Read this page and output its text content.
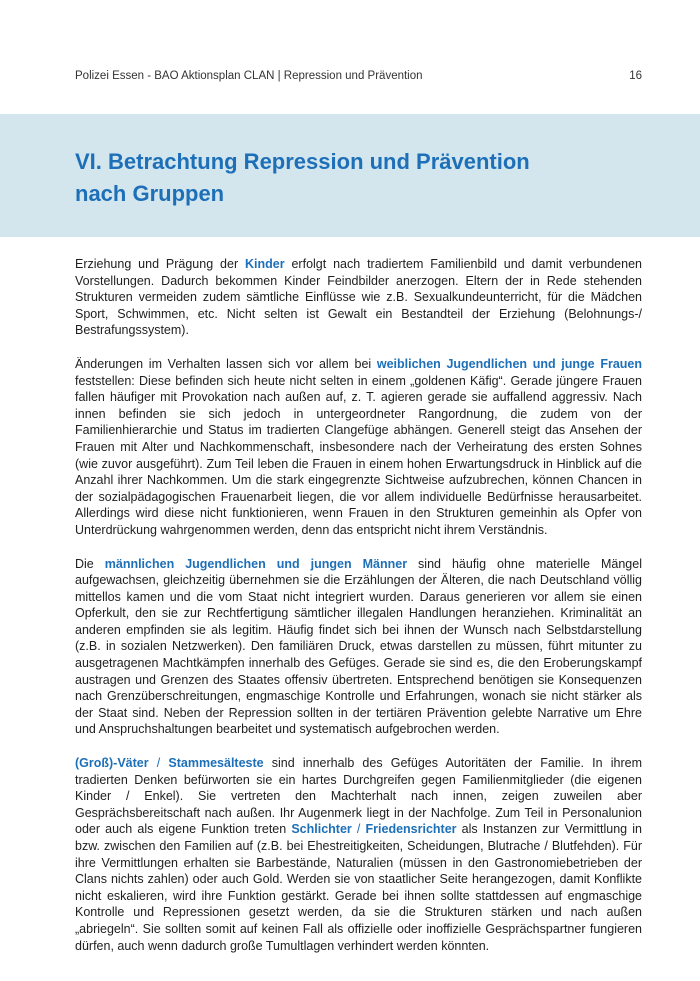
Polizei Essen - BAO Aktionsplan CLAN | Repression und Prävention	16
VI. Betrachtung Repression und Prävention
nach Gruppen

Erziehung und Prägung der Kinder erfolgt nach tradiertem Familienbild und damit verbundenen Vorstellungen. Dadurch bekommen Kinder Feindbilder anerzogen. Eltern der in Rede stehenden Strukturen vermeiden zudem sämtliche Einflüsse wie z.B. Sexualkundeunterricht, für die Mädchen Sport, Schwimmen, etc. Nicht selten ist Gewalt ein Bestandteil der Erziehung (Belohnungs-/ Bestrafungssystem).

Änderungen im Verhalten lassen sich vor allem bei weiblichen Jugendlichen und junge Frauen feststellen: Diese befinden sich heute nicht selten in einem „goldenen Käfig“. Gerade jüngere Frauen fallen häufiger mit Provokation nach außen auf, z. T. agieren gerade sie auffallend aggressiv. Nach innen befinden sie sich jedoch in untergeordneter Rangordnung, die zudem von der Familienhierarchie und Status im tradierten Clangefüge abhängen. Generell steigt das Ansehen der Frauen mit Alter und Nachkommenschaft, insbesondere nach der Verheiratung des ersten Sohnes (wie zuvor ausgeführt). Zum Teil leben die Frauen in einem hohen Erwartungsdruck in Hinblick auf die Anzahl ihrer Nachkommen. Um die stark eingegrenzte Sichtweise aufzubrechen, können Chancen in der sozialpädagogischen Frauenarbeit liegen, die vor allem individuelle Bedürfnisse herausarbeitet. Allerdings wird diese nicht funktionieren, wenn Frauen in den Strukturen gemeinhin als Opfer von Unterdrückung wahrgenommen werden, denn das entspricht nicht ihrem Verständnis.

Die männlichen Jugendlichen und jungen Männer sind häufig ohne materielle Mängel aufgewachsen, gleichzeitig übernehmen sie die Erzählungen der Älteren, die nach Deutschland völlig mittellos kamen und die vom Staat nicht integriert wurden. Daraus generieren vor allem sie einen Opferkult, den sie zur Rechtfertigung sämtlicher illegalen Handlungen heranziehen. Kriminalität an anderen empfinden sie als legitim. Häufig findet sich bei ihnen der Wunsch nach Selbstdarstellung (z.B. in sozialen Netzwerken). Den familiären Druck, etwas darstellen zu müssen, führt mitunter zu ausgetragenen Machtkämpfen innerhalb des Gefüges. Gerade sie sind es, die den Eroberungskampf austragen und Grenzen des Staates offensiv übertreten. Entsprechend benötigen sie Konsequenzen nach Grenzüberschreitungen, engmaschige Kontrolle und Erfahrungen, wonach sie nicht stärker als der Staat sind. Neben der Repression sollten in der tertiären Prävention gelebte Narrative um Ehre und Anspruchshaltungen bearbeitet und systematisch aufgebrochen werden.

(Groß)-Väter / Stammesälteste sind innerhalb des Gefüges Autoritäten der Familie. In ihrem tradierten Denken befürworten sie ein hartes Durchgreifen gegen Familienmitglieder (die eigenen Kinder / Enkel). Sie vertreten den Machterhalt nach innen, zeigen zuweilen aber Gesprächsbereitschaft nach außen. Ihr Augenmerk liegt in der Nachfolge. Zum Teil in Personalunion oder auch als eigene Funktion treten Schlichter / Friedensrichter als Instanzen zur Vermittlung in bzw. zwischen den Familien auf (z.B. bei Ehestreitigkeiten, Scheidungen, Blutrache / Blutfehden). Für ihre Vermittlungen erhalten sie Barbestände, Naturalien (müssen in den Gastronomiebetrieben der Clans nichts zahlen) oder auch Gold. Werden sie von staatlicher Seite herangezogen, damit Konflikte nicht eskalieren, wird ihre Funktion gestärkt. Gerade bei ihnen sollte stattdessen auf engmaschige Kontrolle und Repressionen gesetzt werden, da sie die Strukturen stärken und nach außen „abriegeln“. Sie sollten somit auf keinen Fall als offizielle oder inoffizielle Gesprächspartner fungieren dürfen, auch wenn dadurch große Tumultlagen verhindert werden könnten.
